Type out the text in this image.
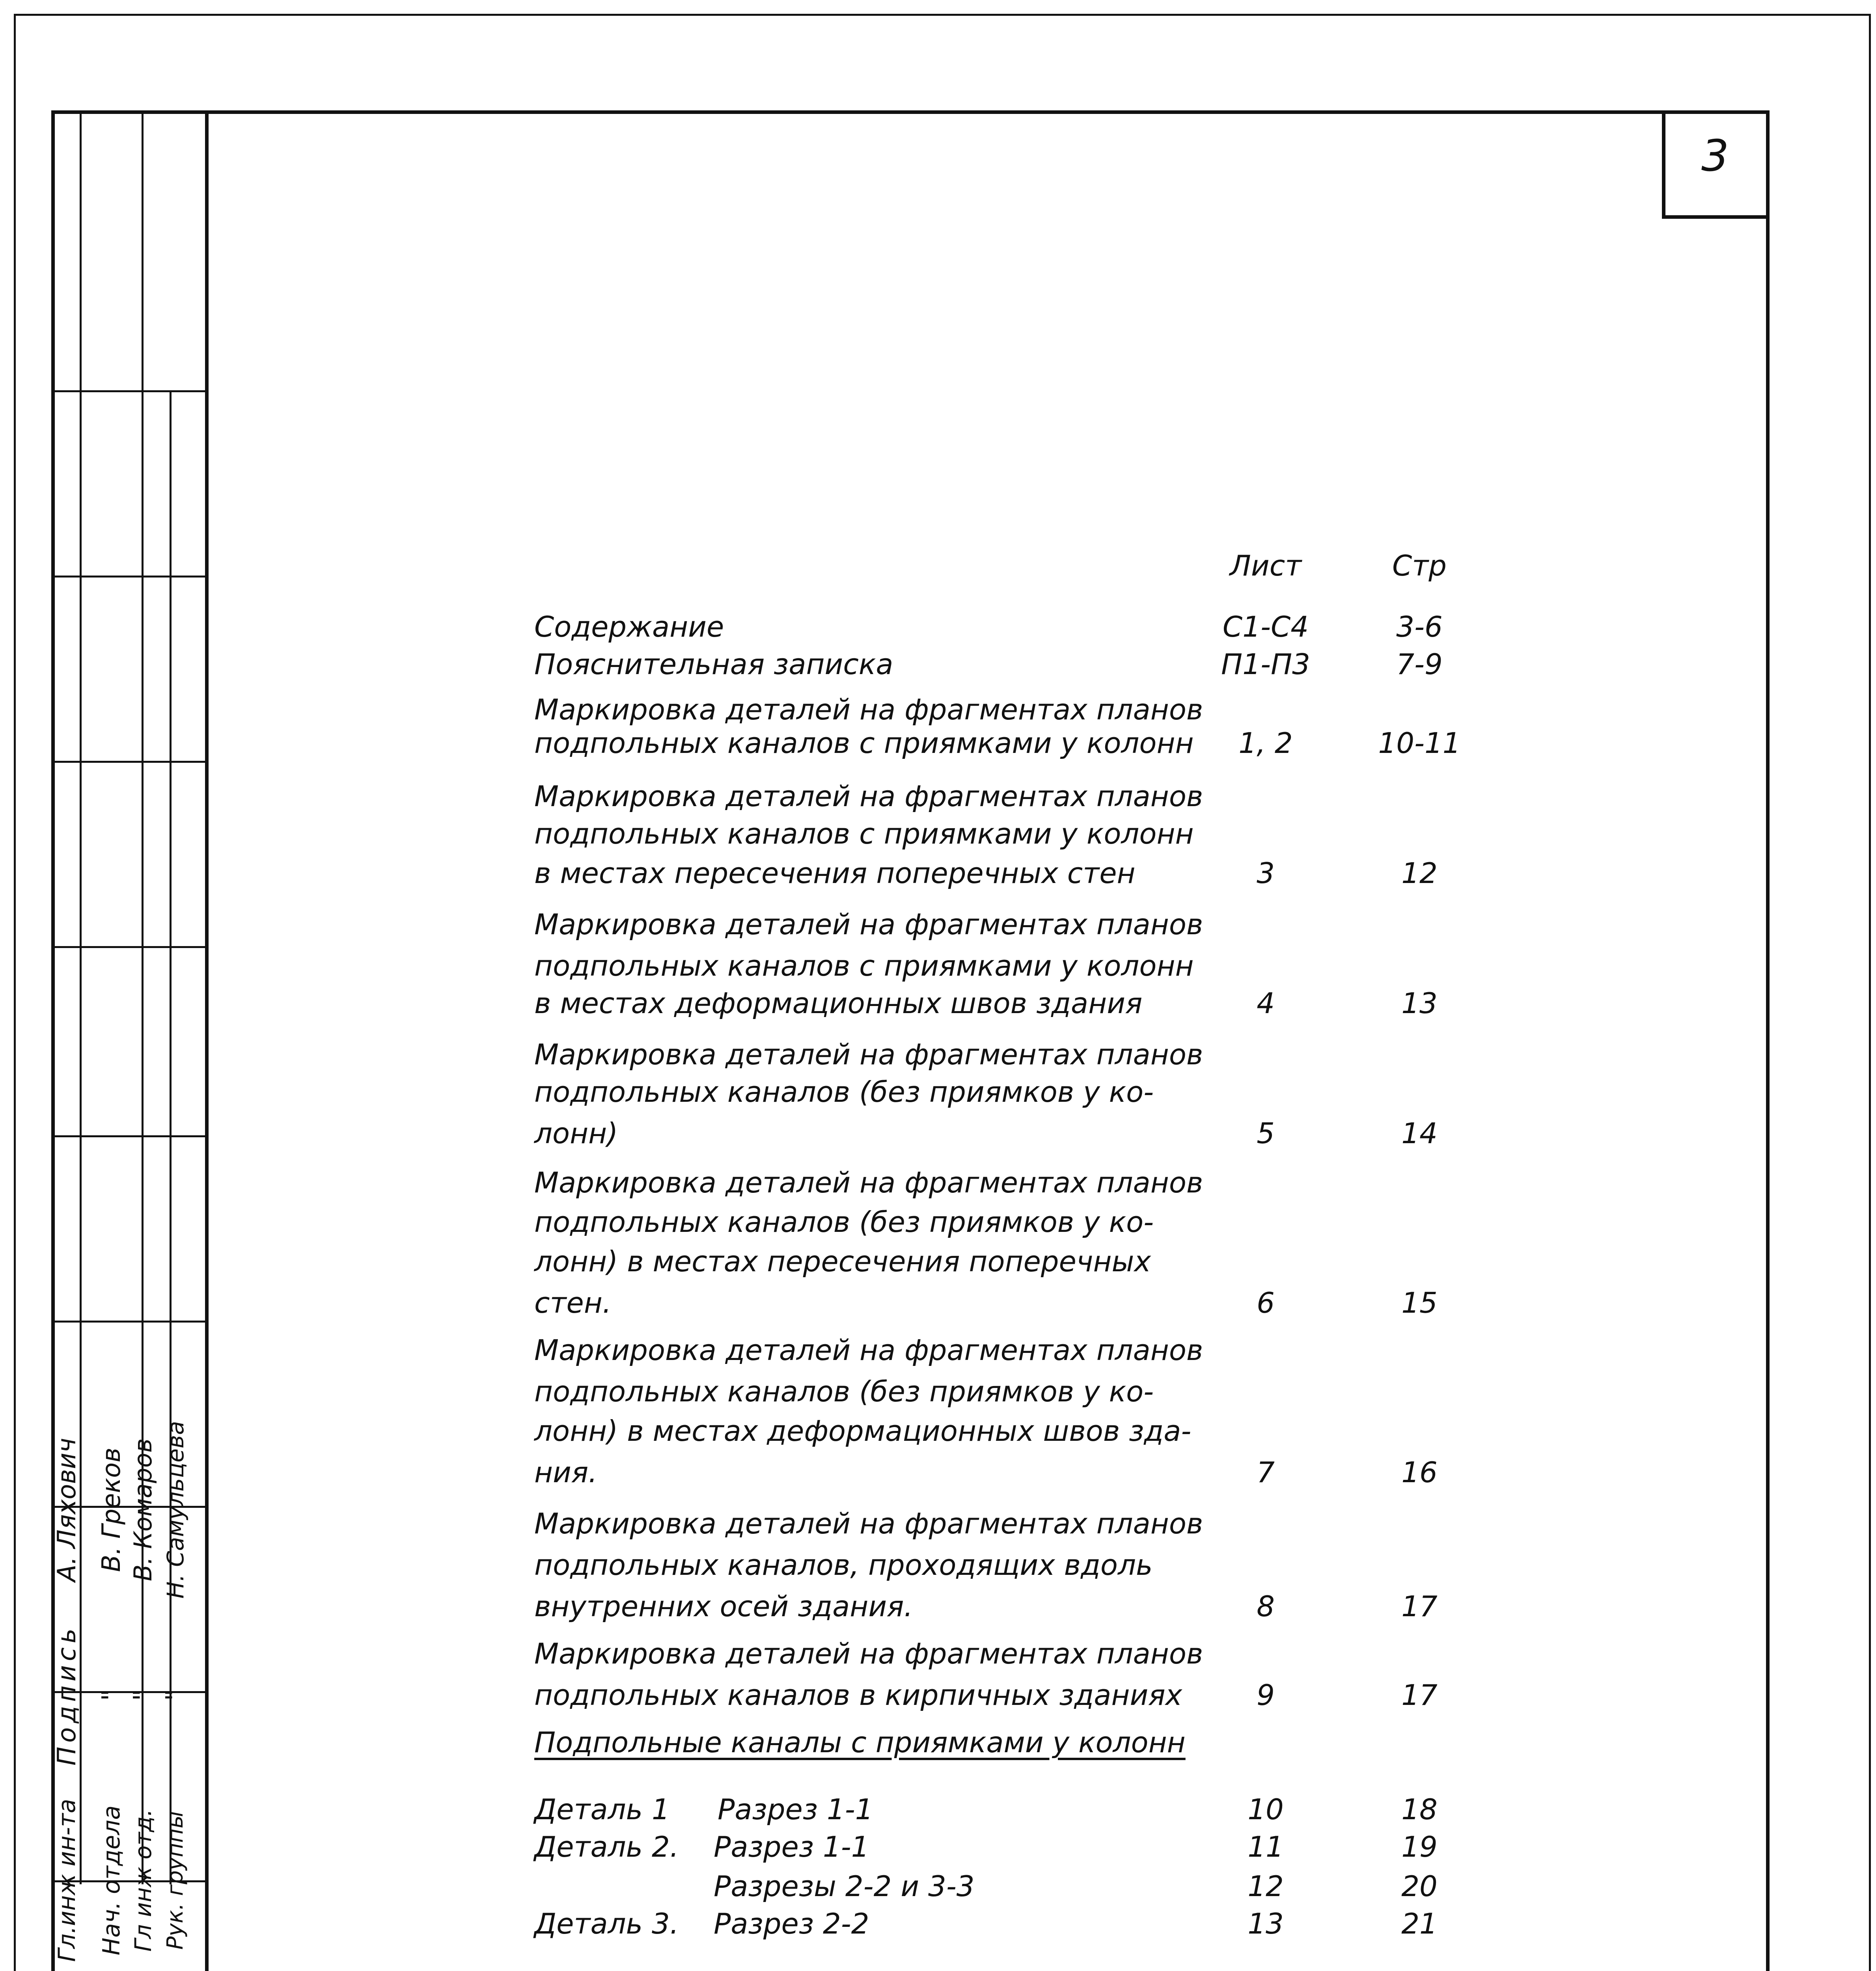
Гл.инж ин-та Нач. отдела Гл инж отд. Рук. группы
Подпись " " "
А. Ляхович В. Греков В. Комаров Н. Самульцева
3
Лист	Стр
Содержание	С1-С4	3-6
Пояснительная записка	П1-П3	7-9
Маркировка деталей на фрагментах планов
подпольных каналов с приямками у колонн	1, 2	10-11
Маркировка деталей на фрагментах планов
подпольных каналов с приямками у колонн
в местах пересечения поперечных стен	3	12
Маркировка деталей на фрагментах планов
подпольных каналов с приямками у колонн
в местах деформационных швов здания	4	13
Маркировка деталей на фрагментах планов
подпольных каналов (без приямков у ко-
лонн)	5	14
Маркировка деталей на фрагментах планов
подпольных каналов (без приямков у ко-
лонн) в местах пересечения поперечных
стен.	6	15
Маркировка деталей на фрагментах планов
подпольных каналов (без приямков у ко-
лонн) в местах деформационных швов зда-
ния.	7	16
Маркировка деталей на фрагментах планов
подпольных каналов, проходящих вдоль
внутренних осей здания.	8	17
Маркировка деталей на фрагментах планов
подпольных каналов в кирпичных зданиях	9	17
Подпольные каналы с приямками у колонн
Деталь 1 Разрез 1-1	10	18
Деталь 2. Разрез 1-1	11	19
Разрезы 2-2 и 3-3	12	20
Деталь 3. Разрез 2-2	13	21
